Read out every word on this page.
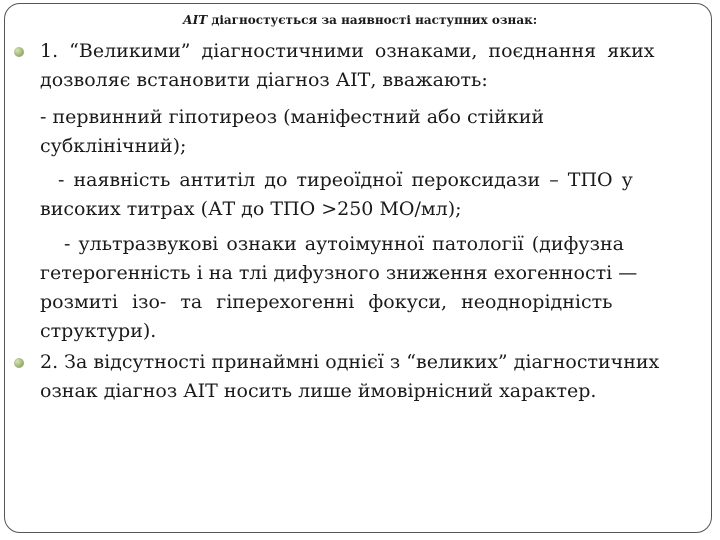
АІТ діагностується за наявності наступних ознак:

1. “Великими” діагностичними ознаками, поєднання яких

дозволяє встановити діагноз АІТ, вважають:

- первинний гіпотиреоз (маніфестний або стійкий

субклінічний);

- наявність антитіл до тиреоїдної пероксидази – ТПО у

високих титрах (АТ до ТПО >250 МО/мл);

- ультразвукові ознаки аутоімунної патології (дифузна

гетерогенність і на тлі дифузного зниження ехогенності —

розмиті ізо- та гіперехогенні фокуси, неоднорідність

структури).

2. За відсутності принаймні однієї з “великих” діагностичних

ознак діагноз АІТ носить лише ймовірнісний характер.
